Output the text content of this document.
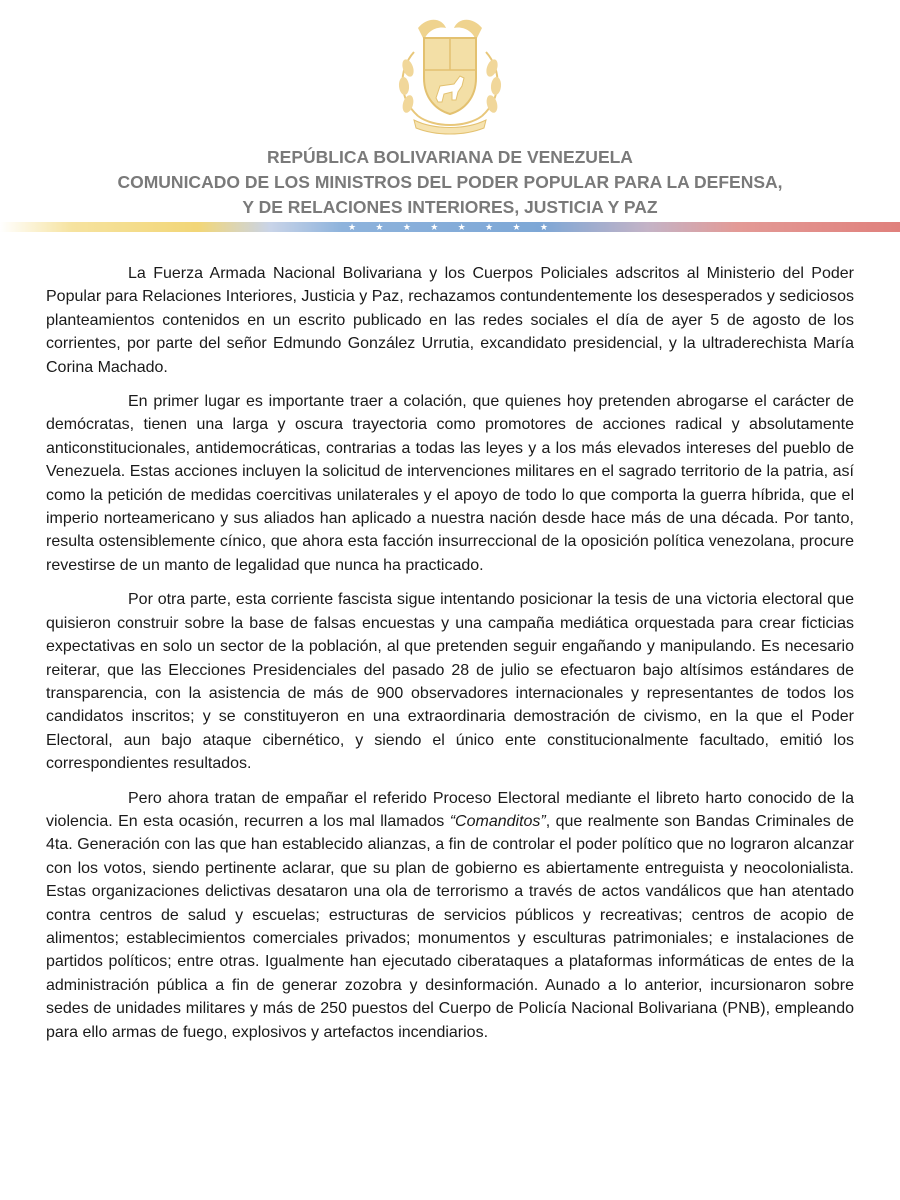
REPÚBLICA BOLIVARIANA DE VENEZUELA
COMUNICADO DE LOS MINISTROS DEL PODER POPULAR PARA LA DEFENSA,
Y DE RELACIONES INTERIORES, JUSTICIA Y PAZ
★ ★ ★ ★ ★ ★ ★ ★

La Fuerza Armada Nacional Bolivariana y los Cuerpos Policiales adscritos al Ministerio del Poder Popular para Relaciones Interiores, Justicia y Paz, rechazamos contundentemente los desesperados y sediciosos planteamientos contenidos en un escrito publicado en las redes sociales el día de ayer 5 de agosto de los corrientes, por parte del señor Edmundo González Urrutia, excandidato presidencial, y la ultraderechista María Corina Machado.

En primer lugar es importante traer a colación, que quienes hoy pretenden abrogarse el carácter de demócratas, tienen una larga y oscura trayectoria como promotores de acciones radical y absolutamente anticonstitucionales, antidemocráticas, contrarias a todas las leyes y a los más elevados intereses del pueblo de Venezuela. Estas acciones incluyen la solicitud de intervenciones militares en el sagrado territorio de la patria, así como la petición de medidas coercitivas unilaterales y el apoyo de todo lo que comporta la guerra híbrida, que el imperio norteamericano y sus aliados han aplicado a nuestra nación desde hace más de una década. Por tanto, resulta ostensiblemente cínico, que ahora esta facción insurreccional de la oposición política venezolana, procure revestirse de un manto de legalidad que nunca ha practicado.

Por otra parte, esta corriente fascista sigue intentando posicionar la tesis de una victoria electoral que quisieron construir sobre la base de falsas encuestas y una campaña mediática orquestada para crear ficticias expectativas en solo un sector de la población, al que pretenden seguir engañando y manipulando. Es necesario reiterar, que las Elecciones Presidenciales del pasado 28 de julio se efectuaron bajo altísimos estándares de transparencia, con la asistencia de más de 900 observadores internacionales y representantes de todos los candidatos inscritos; y se constituyeron en una extraordinaria demostración de civismo, en la que el Poder Electoral, aun bajo ataque cibernético, y siendo el único ente constitucionalmente facultado, emitió los correspondientes resultados.

Pero ahora tratan de empañar el referido Proceso Electoral mediante el libreto harto conocido de la violencia. En esta ocasión, recurren a los mal llamados “Comanditos”, que realmente son Bandas Criminales de 4ta. Generación con las que han establecido alianzas, a fin de controlar el poder político que no lograron alcanzar con los votos, siendo pertinente aclarar, que su plan de gobierno es abiertamente entreguista y neocolonialista. Estas organizaciones delictivas desataron una ola de terrorismo a través de actos vandálicos que han atentado contra centros de salud y escuelas; estructuras de servicios públicos y recreativas; centros de acopio de alimentos; establecimientos comerciales privados; monumentos y esculturas patrimoniales; e instalaciones de partidos políticos; entre otras. Igualmente han ejecutado ciberataques a plataformas informáticas de entes de la administración pública a fin de generar zozobra y desinformación. Aunado a lo anterior, incursionaron sobre sedes de unidades militares y más de 250 puestos del Cuerpo de Policía Nacional Bolivariana (PNB), empleando para ello armas de fuego, explosivos y artefactos incendiarios.
